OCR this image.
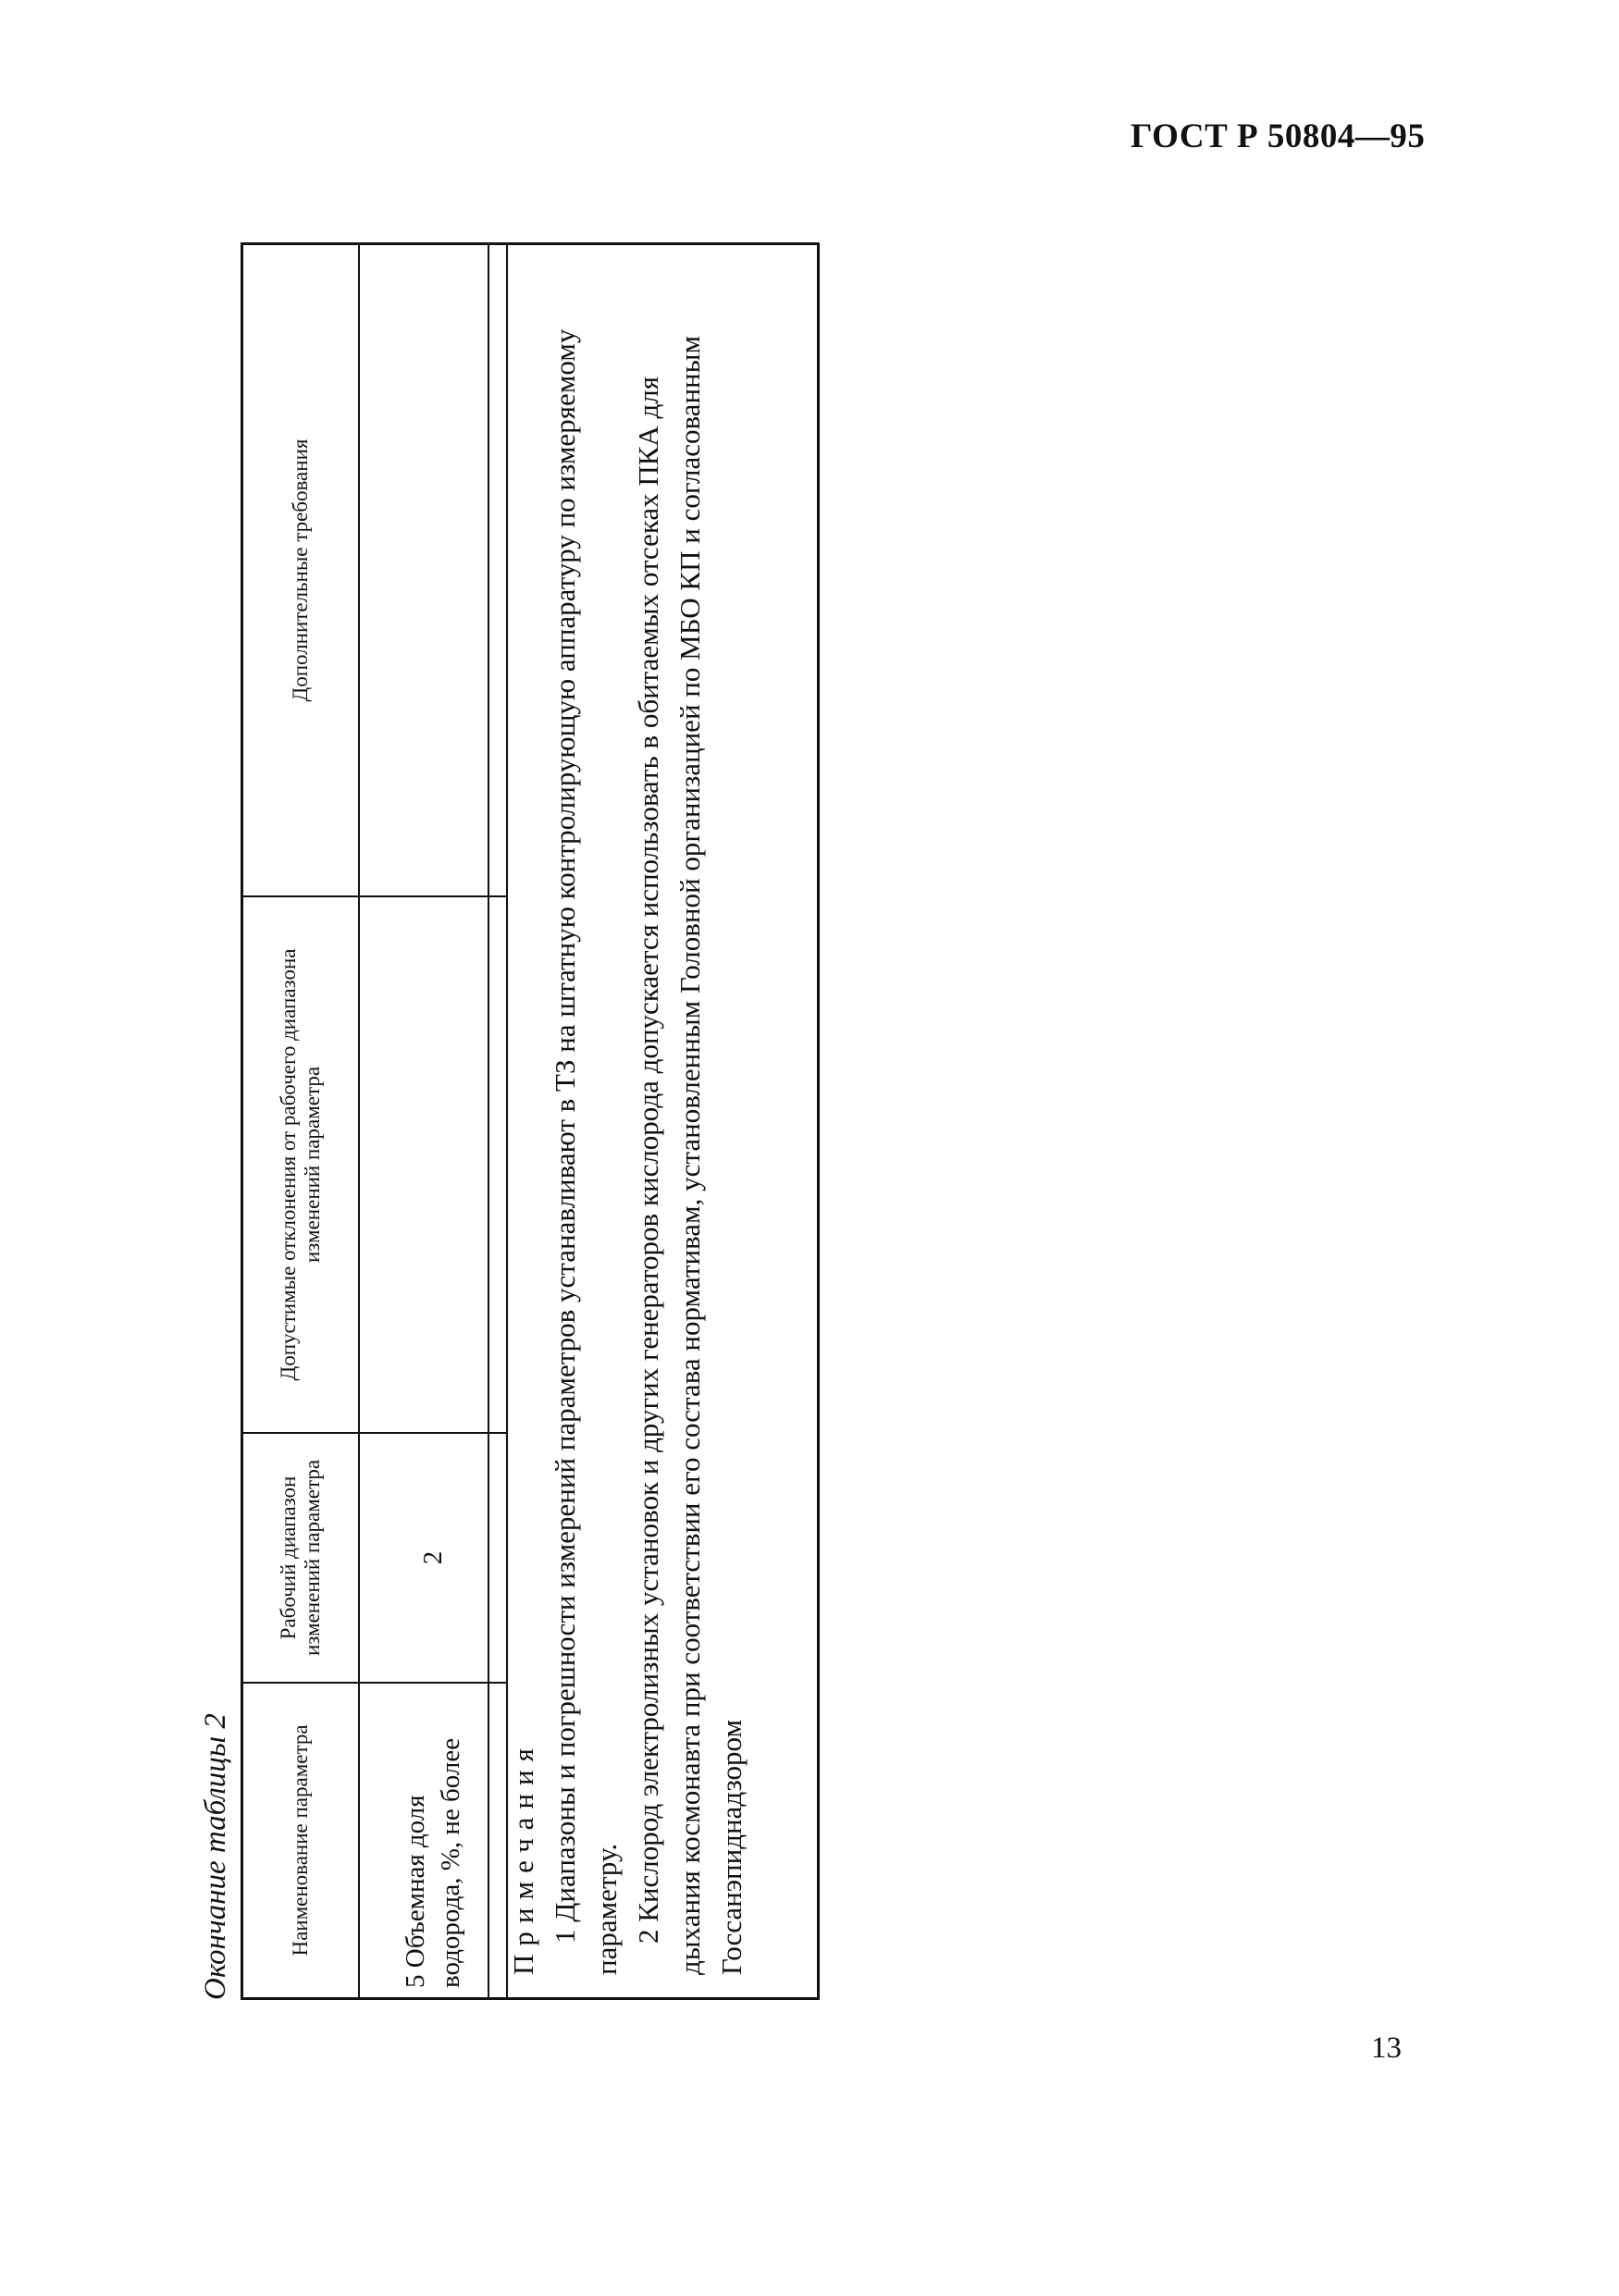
ГОСТ Р 50804—95
Окончание таблицы 2	Наименование параметра	Рабочий диапазон изменений параметра	Допустимые отклонения от рабочего диапазона изменений параметра	Дополнительные требования
5 Объемная доля водорода, %, не более	2		
Примечания 1 Диапазоны и погрешности измерений параметров устанавливают в ТЗ на штатную контролирующую аппаратуру по измеряемому параметру. 2 Кислород электролизных установок и других генераторов кислорода допускается использовать в обитаемых отсеках ПКА для дыхания космонавта при соответствии его состава нормативам, установленным Головной организацией по МБО КП и согласованным Госсанэпиднадзором
13
